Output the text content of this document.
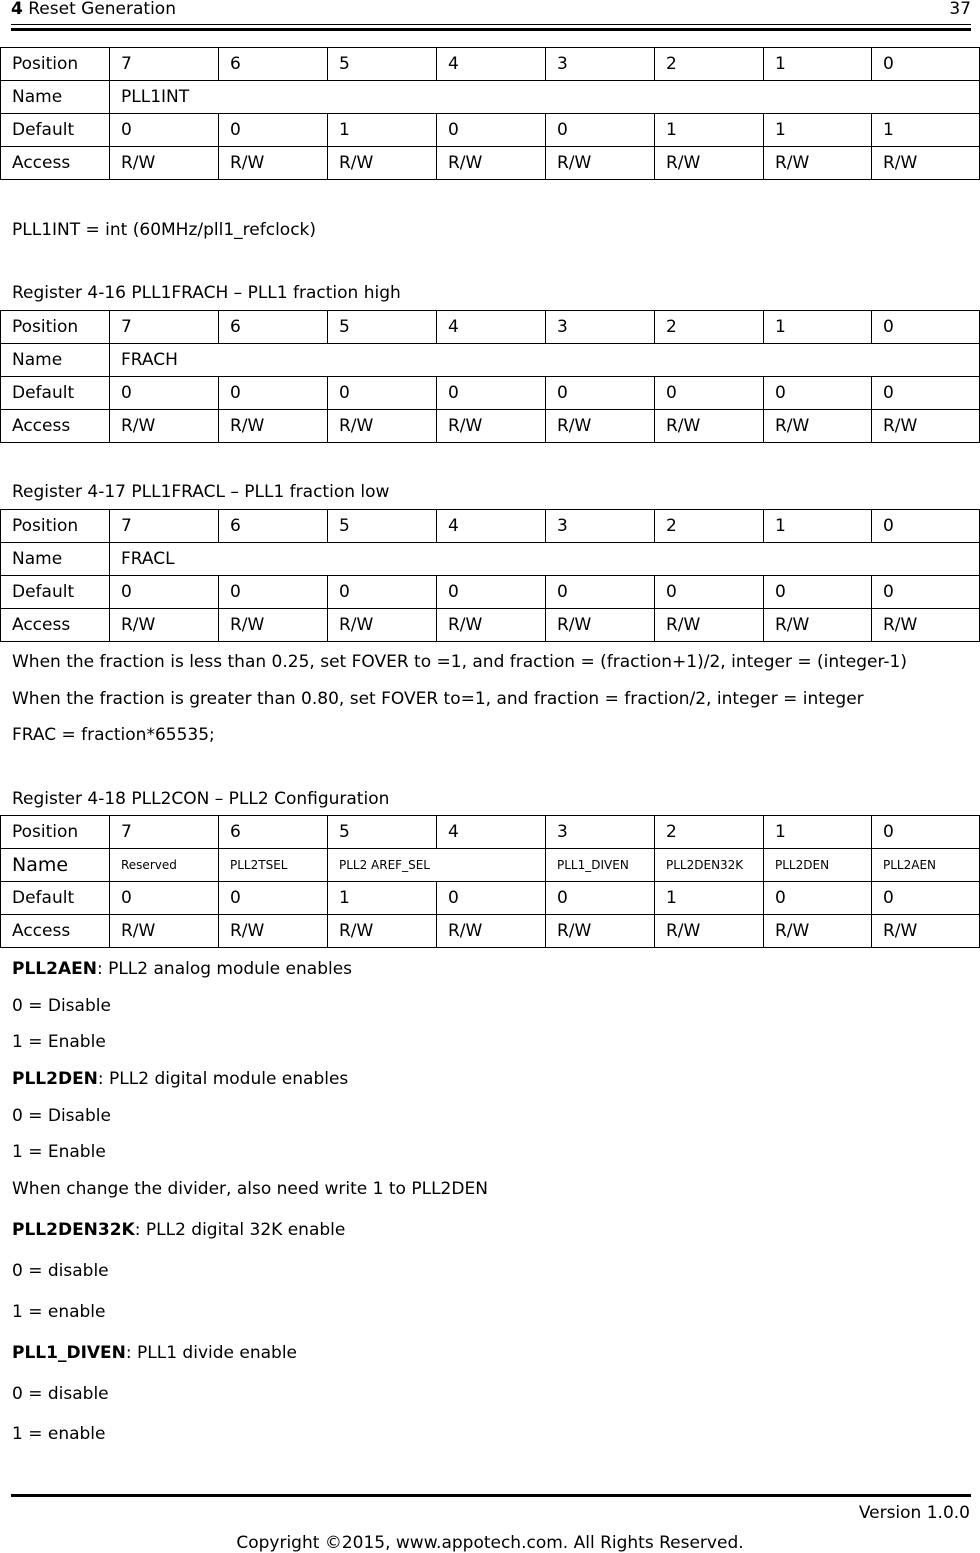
4 Reset Generation	37
Position	7	6	5	4	3	2	1	0
Name	PLL1INT							
Default	0	0	1	0	0	1	1	1
Access	R/W	R/W	R/W	R/W	R/W	R/W	R/W	R/W
PLL1INT = int (60MHz/pll1_refclock)
Register 4-16 PLL1FRACH – PLL1 fraction high
Position	7	6	5	4	3	2	1	0
Name	FRACH							
Default	0	0	0	0	0	0	0	0
Access	R/W	R/W	R/W	R/W	R/W	R/W	R/W	R/W
Register 4-17 PLL1FRACL – PLL1 fraction low
Position	7	6	5	4	3	2	1	0
Name	FRACL							
Default	0	0	0	0	0	0	0	0
Access	R/W	R/W	R/W	R/W	R/W	R/W	R/W	R/W
When the fraction is less than 0.25, set FOVER to =1, and fraction = (fraction+1)/2, integer = (integer-1)
When the fraction is greater than 0.80, set FOVER to=1, and fraction = fraction/2, integer = integer
FRAC = fraction*65535;
Register 4-18 PLL2CON – PLL2 Configuration
Position	7	6	5	4	3	2	1	0
Name	Reserved	PLL2TSEL	PLL2 AREF_SEL		PLL1_DIVEN	PLL2DEN32K	PLL2DEN	PLL2AEN
Default	0	0	1	0	0	1	0	0
Access	R/W	R/W	R/W	R/W	R/W	R/W	R/W	R/W
PLL2AEN: PLL2 analog module enables
0 = Disable
1 = Enable
PLL2DEN: PLL2 digital module enables
0 = Disable
1 = Enable
When change the divider, also need write 1 to PLL2DEN
PLL2DEN32K: PLL2 digital 32K enable
0 = disable
1 = enable
PLL1_DIVEN: PLL1 divide enable
0 = disable
1 = enable
Version 1.0.0
Copyright ©2015, www.appotech.com. All Rights Reserved.
